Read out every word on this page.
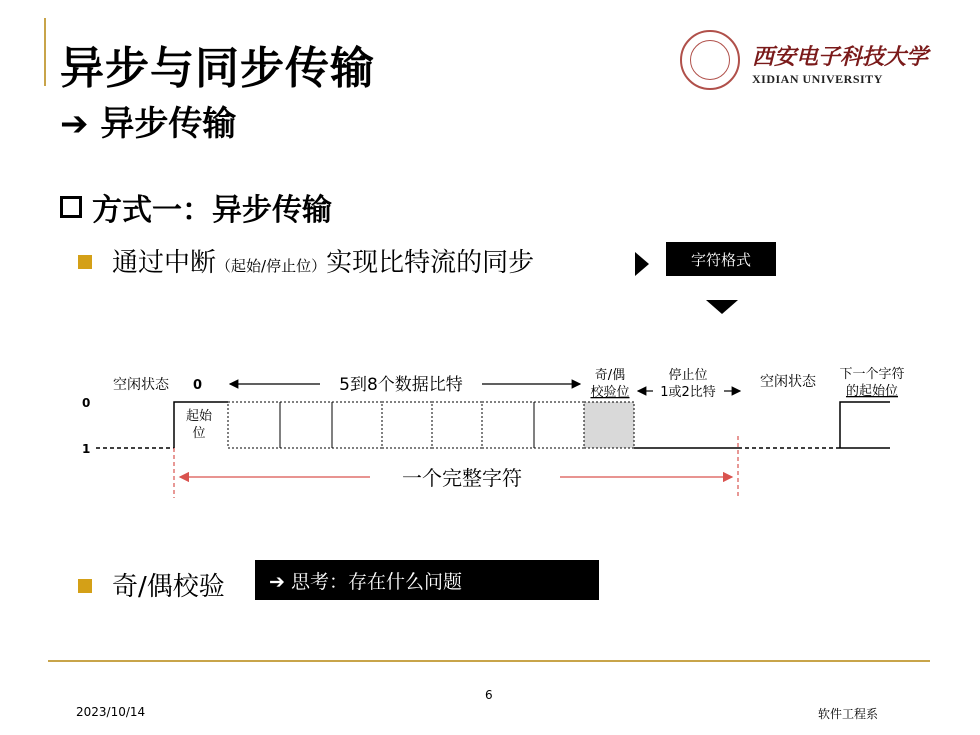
异步与同步传输
➔ 异步传输
西安电子科技大学
XIDIAN UNIVERSITY
方式一：异步传输
通过中断（起始/停止位）实现比特流的同步	字符格式
0
1
空闲状态 0	5到8个数据比特	奇/偶
校验位
停止位
1或2比特
空闲状态 下一个字符
的起始位
起始
位
一个完整字符
奇/偶校验	➔ 思考：存在什么问题
2023/10/14
6
软件工程系
